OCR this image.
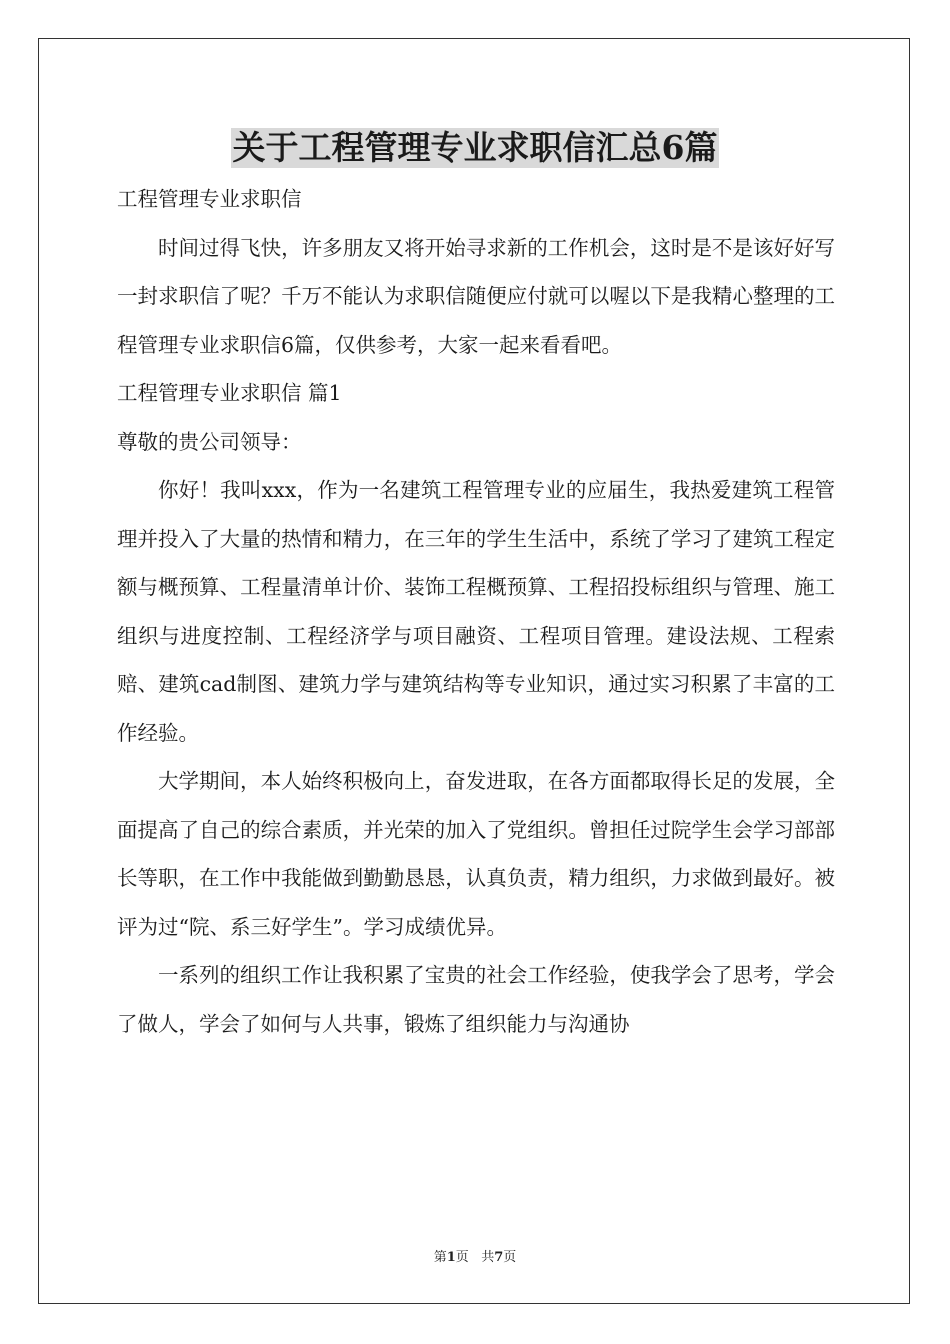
关于工程管理专业求职信汇总6篇

工程管理专业求职信

时间过得飞快，许多朋友又将开始寻求新的工作机会，这时是不是该好好写一封求职信了呢？千万不能认为求职信随便应付就可以喔以下是我精心整理的工程管理专业求职信6篇，仅供参考，大家一起来看看吧。

工程管理专业求职信 篇1

尊敬的贵公司领导：

你好！我叫xxx，作为一名建筑工程管理专业的应届生，我热爱建筑工程管理并投入了大量的热情和精力，在三年的学生生活中，系统了学习了建筑工程定额与概预算、工程量清单计价、装饰工程概预算、工程招投标组织与管理、施工组织与进度控制、工程经济学与项目融资、工程项目管理。建设法规、工程索赔、建筑cad制图、建筑力学与建筑结构等专业知识，通过实习积累了丰富的工作经验。

大学期间，本人始终积极向上，奋发进取，在各方面都取得长足的发展，全面提高了自己的综合素质，并光荣的加入了党组织。曾担任过院学生会学习部部长等职，在工作中我能做到勤勤恳恳，认真负责，精力组织，力求做到最好。被评为过“院、系三好学生”。学习成绩优异。

一系列的组织工作让我积累了宝贵的社会工作经验，使我学会了思考，学会了做人，学会了如何与人共事，锻炼了组织能力与沟通协

第1页 共7页
